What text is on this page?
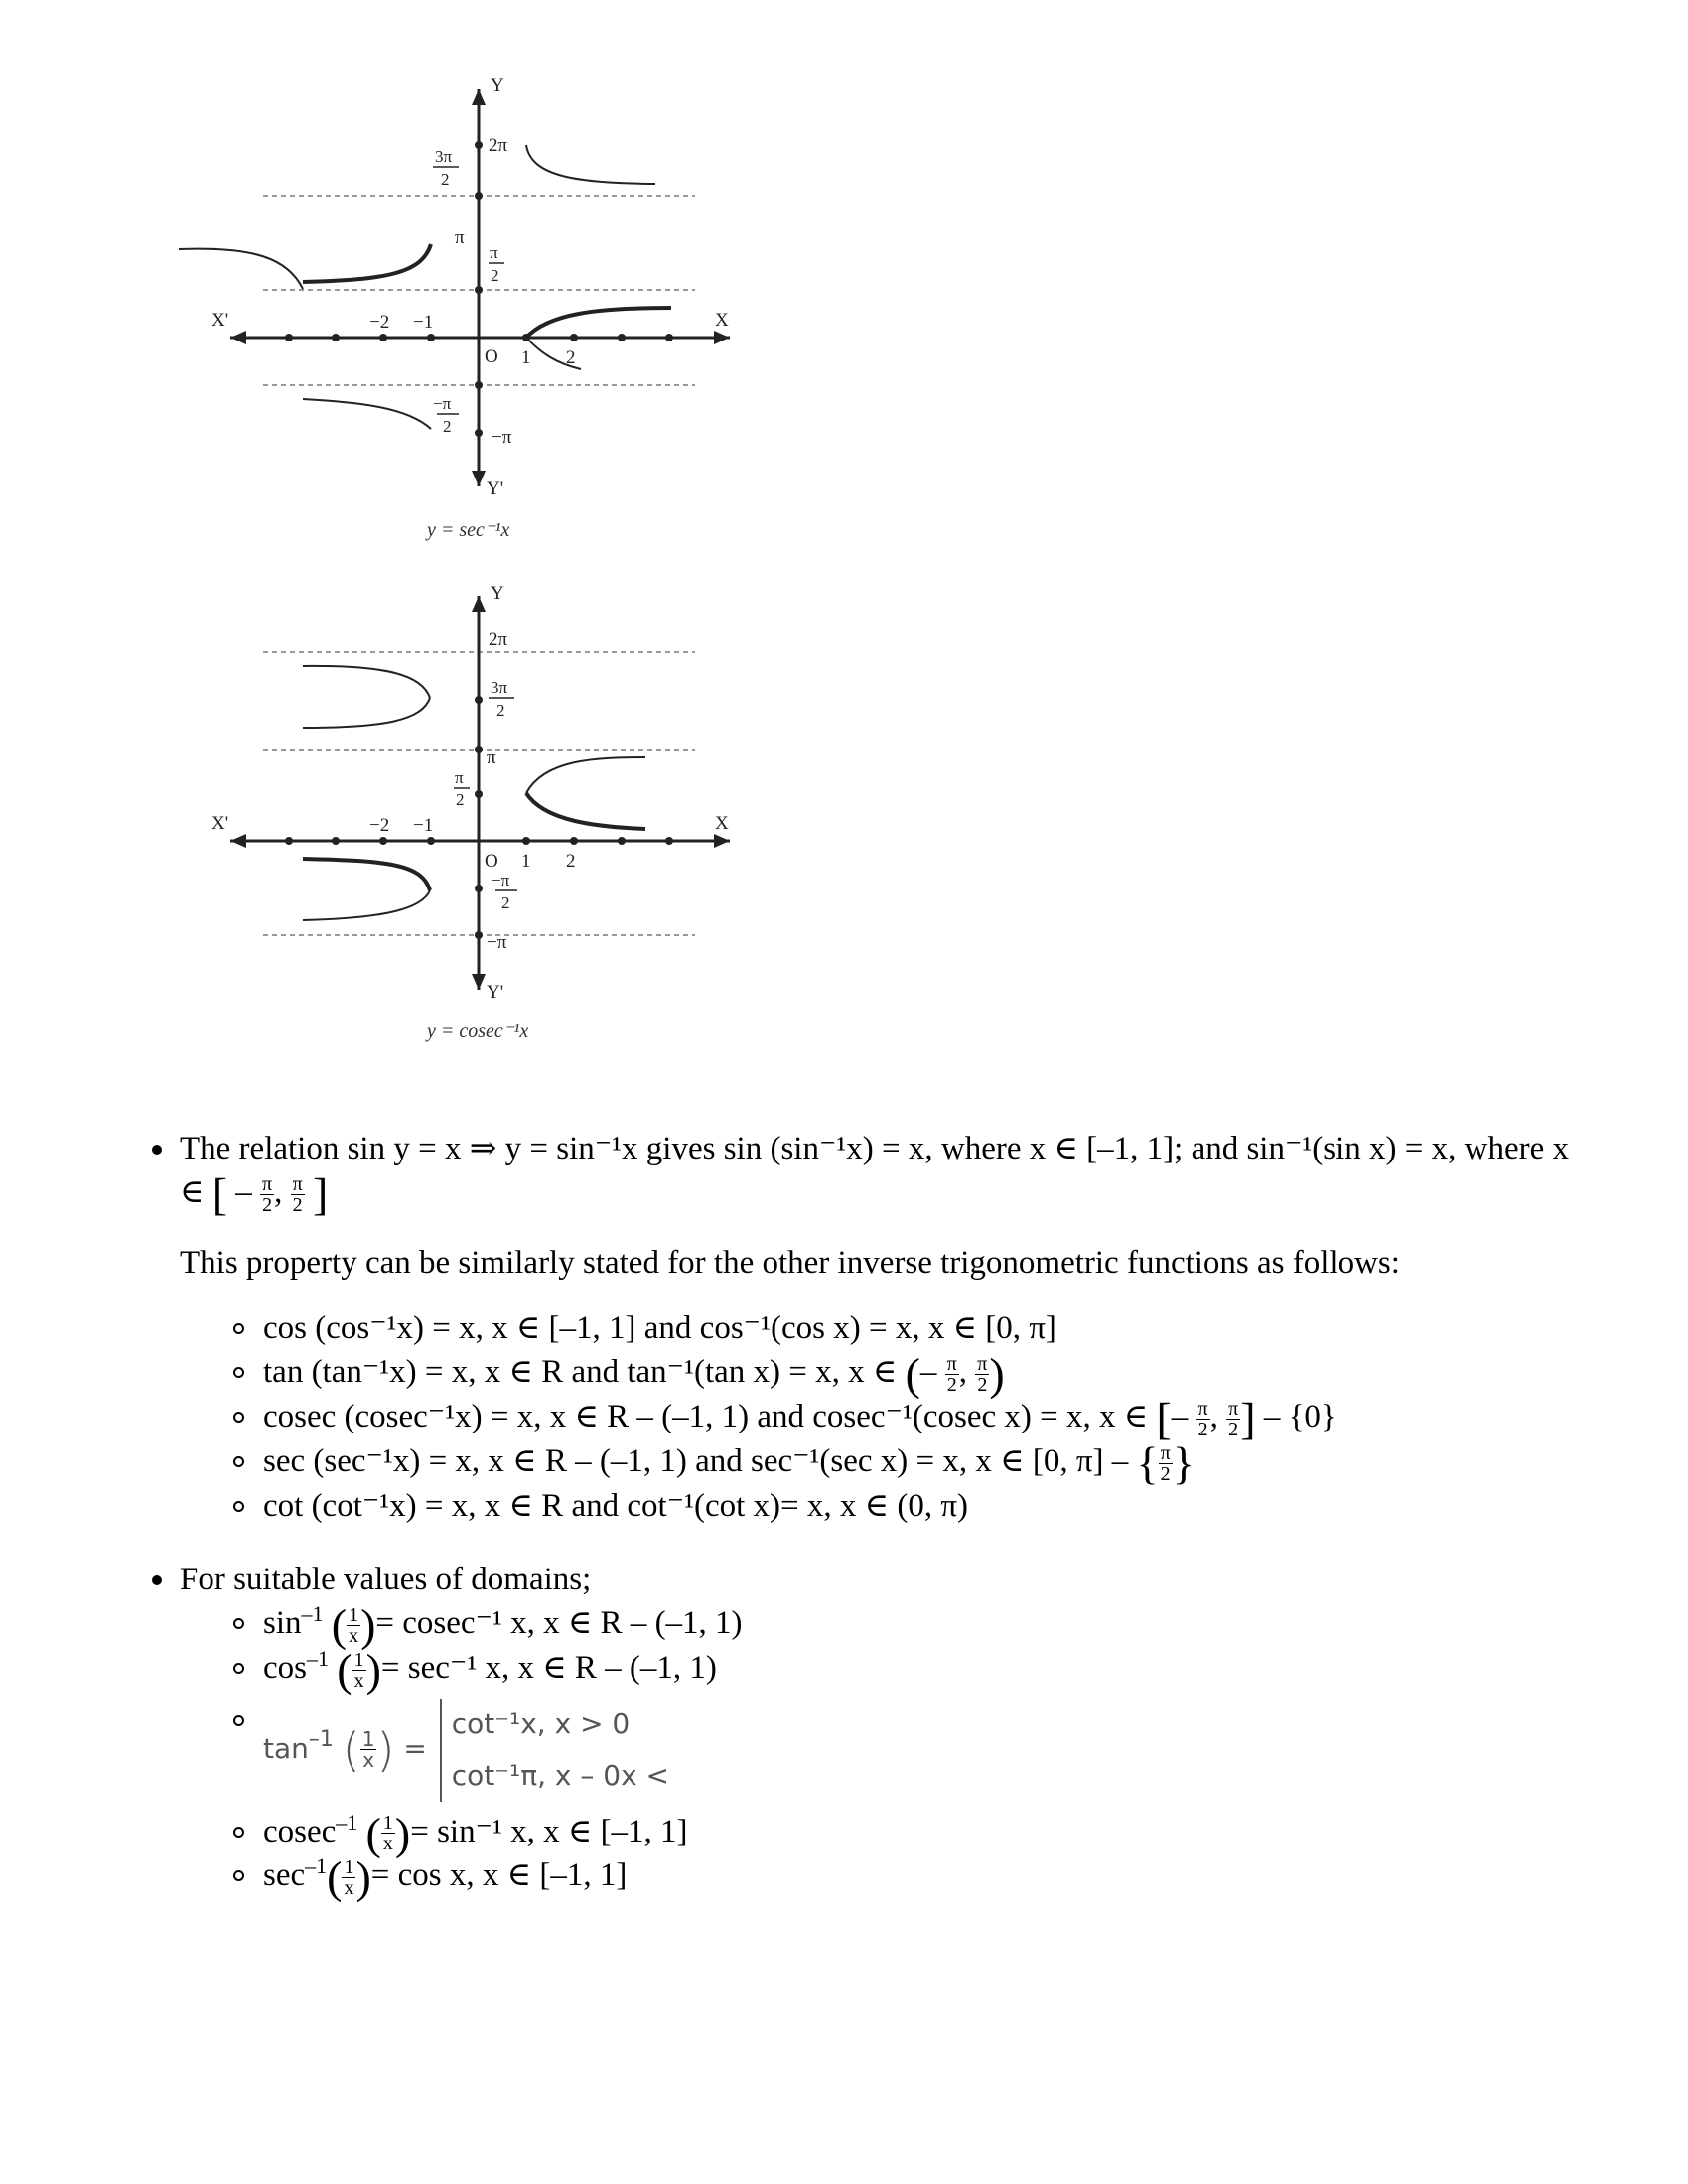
Y
Y'
X
X'
O
2π
3π
2
π
π
2
−π
2
−π
−2 −1
1 2
y = sec⁻¹x
Y
Y'
X
X'
O
2π
3π
2
π
π
2
−π
2
−π
−2 −1
1 2
y = cosec⁻¹x
The relation sin y = x ⇒ y = sin⁻¹x gives sin (sin⁻¹x) = x, where x ∈ [–1, 1]; and sin⁻¹(sin x) = x, where x
∈ [ – $\frac{\pi}{2}$ , $\frac{\pi}{2}$ ]

This property can be similarly stated for the other inverse trigonometric functions as follows:

cos (cos⁻¹x) = x, x ∈ [–1, 1] and cos⁻¹(cos x) = x, x ∈ [0, π]
tan (tan⁻¹x) = x, x ∈ R and tan⁻¹(tan x) = x, x ∈ (– $\frac{\pi}{2}$ , $\frac{\pi}{2}$ )
cosec (cosec⁻¹x) = x, x ∈ R – (–1, 1) and cosec⁻¹(cosec x) = x, x ∈ [– $\frac{\pi}{2}$ , $\frac{\pi}{2}$ ] – {0}
sec (sec⁻¹x) = x, x ∈ R – (–1, 1) and sec⁻¹(sec x) = x, x ∈ [0, π] – { $\frac{\pi}{2}$ }
cot (cot⁻¹x) = x, x ∈ R and cot⁻¹(cot x)= x, x ∈ (0, π)
For suitable values of domains;
$\sin^{-1}$ ( $\frac{1}{x}$ )= cosec⁻¹ x, x ∈ R – (–1, 1)
$\cos^{-1}$ ( $\frac{1}{x}$ )= sec⁻¹ x, x ∈ R – (–1, 1)
$\tan^{-1}$ ( $\frac{1}{x}$ ) = cot⁻¹x, x > 0
cot⁻¹π, x – 0x <
cosec$^{-1}$ ( $\frac{1}{x}$ )= sin⁻¹ x, x ∈ [–1, 1]
$\sec^{-1}( \frac{1}{x}$ )= cos x, x ∈ [–1, 1]
